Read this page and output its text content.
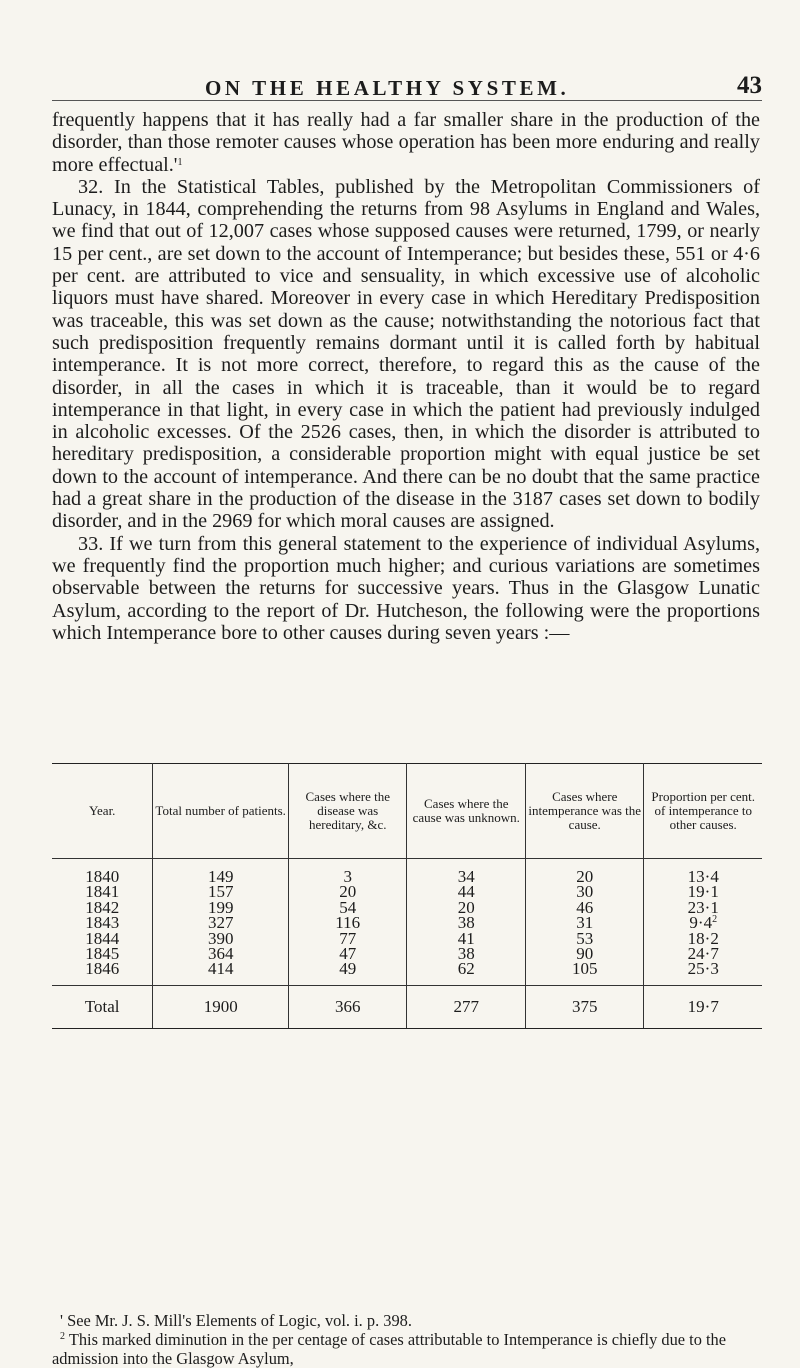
ON THE HEALTHY SYSTEM.	43

frequently happens that it has really had a far smaller share in the production of the disorder, than those remoter causes whose operation has been more enduring and really more $effectual.'^1$

32. In the Statistical Tables, published by the Metropolitan Commissioners of Lunacy, in 1844, comprehending the returns from 98 Asylums in England and Wales, we find that out of 12,007 cases whose supposed causes were returned, 1799, or nearly 15 per cent., are set down to the account of Intemperance; but besides these, 551 or 4·6 per cent. are attributed to vice and sensuality, in which excessive use of alcoholic liquors must have shared. Moreover in every case in which Hereditary Predisposition was traceable, this was set down as the cause; notwithstanding the notorious fact that such predisposition frequently remains dormant until it is called forth by habitual intemperance. It is not more correct, therefore, to regard this as the cause of the disorder, in all the cases in which it is traceable, than it would be to regard intemperance in that light, in every case in which the patient had previously indulged in alcoholic excesses. Of the 2526 cases, then, in which the disorder is attributed to hereditary predisposition, a considerable proportion might with equal justice be set down to the account of intemperance. And there can be no doubt that the same practice had a great share in the production of the disease in the 3187 cases set down to bodily disorder, and in the 2969 for which moral causes are assigned.

33. If we turn from this general statement to the experience of individual Asylums, we frequently find the proportion much higher; and curious variations are sometimes observable between the returns for successive years. Thus in the Glasgow Lunatic Asylum, according to the report of Dr. Hutcheson, the following were the proportions which Intemperance bore to other causes during seven years :—

Year.	Total number of patients.	Cases where the disease was hereditary, &c.	Cases where the cause was unknown.	Cases where intemperance was the cause.	Proportion per cent. of intemperance to other causes.
1840	149	3	34	20	13·4
1841	157	20	44	30	19·1
1842	199	54	20	46	23·1
1843	327	116	38	31	$9\cdot 4^2$
1844	390	77	41	53	18·2
1845	364	47	38	90	24·7
1846	414	49	62	105	25·3
Total	1900	366	277	375	19·7

' See Mr. J. S. Mill's Elements of Logic, vol. i. p. 398.

$^2$ This marked diminution in the per centage of cases attributable to Intemperance is chiefly due to the admission into the Glasgow Asylum,
